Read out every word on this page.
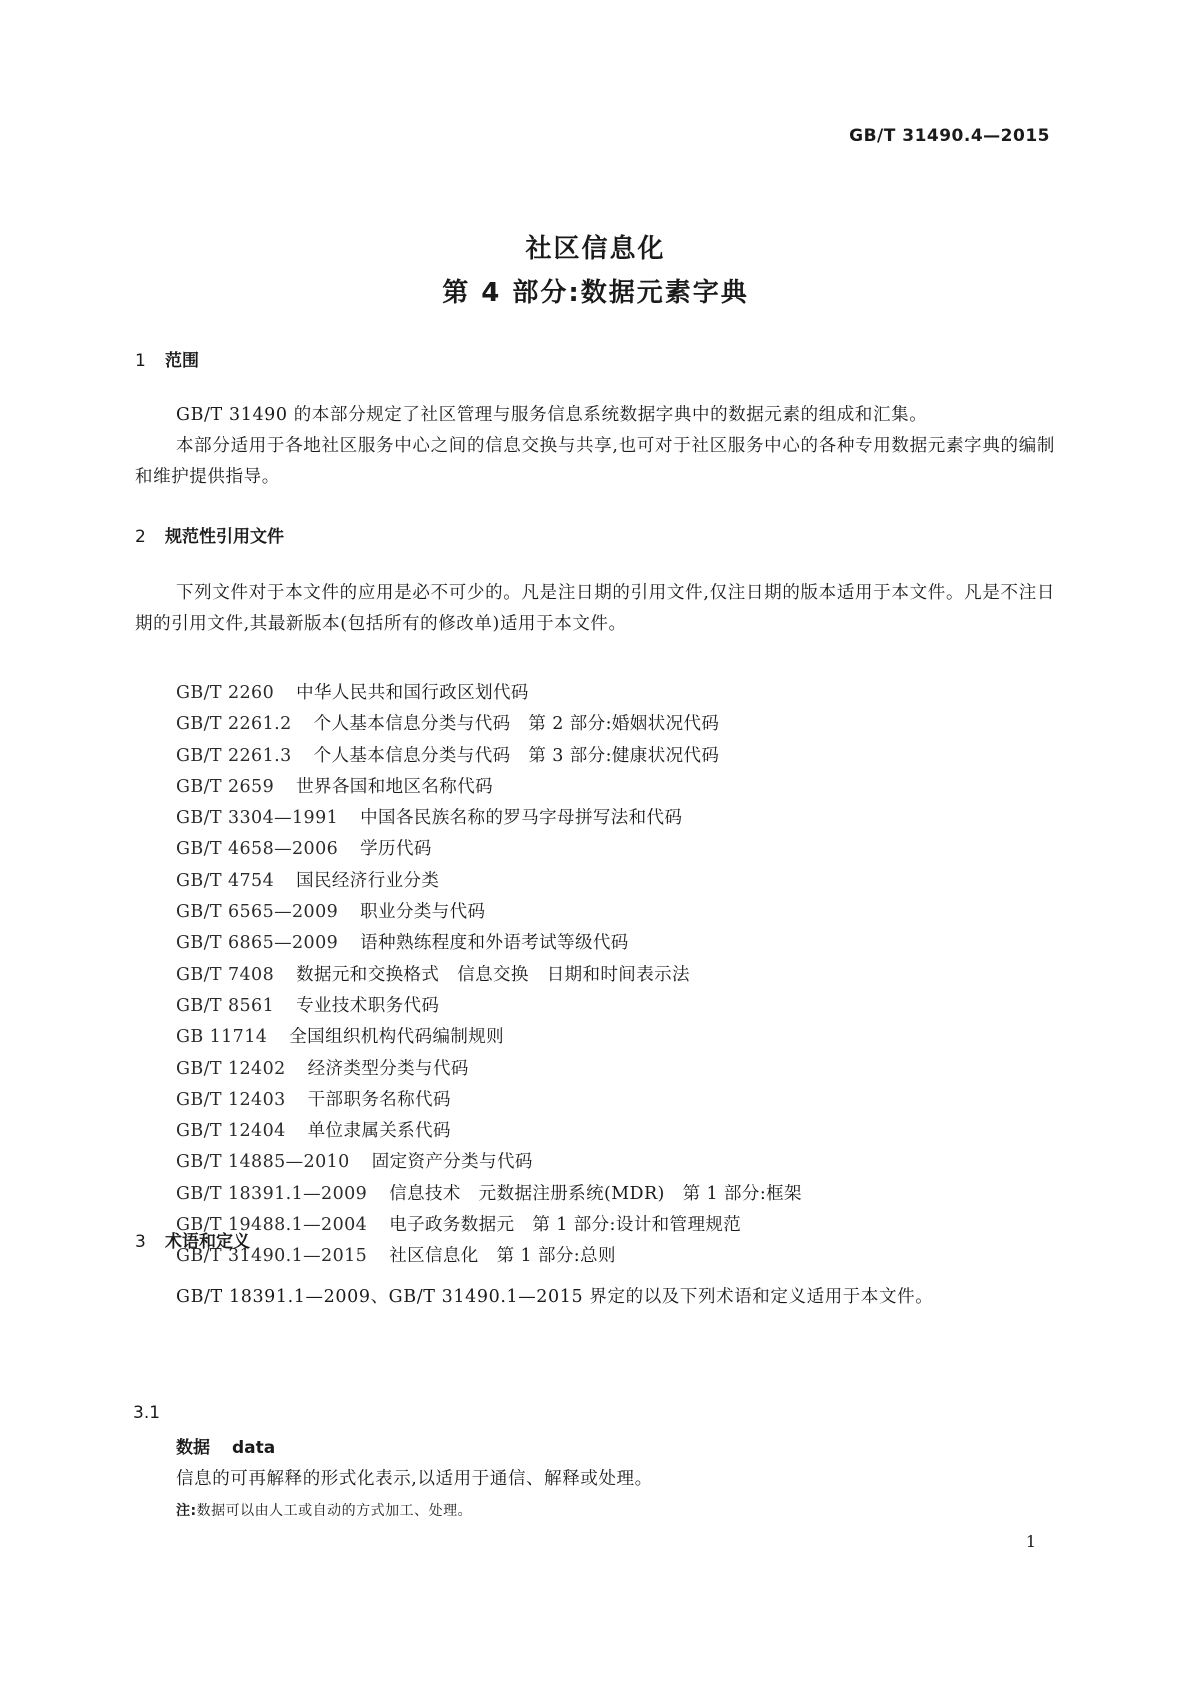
GB/T 31490.4—2015
社区信息化
第 4 部分:数据元素字典
1 范围
GB/T 31490 的本部分规定了社区管理与服务信息系统数据字典中的数据元素的组成和汇集。
本部分适用于各地社区服务中心之间的信息交换与共享,也可对于社区服务中心的各种专用数据元素字典的编制和维护提供指导。
2 规范性引用文件
下列文件对于本文件的应用是必不可少的。凡是注日期的引用文件,仅注日期的版本适用于本文件。凡是不注日期的引用文件,其最新版本(包括所有的修改单)适用于本文件。
GB/T 2260 中华人民共和国行政区划代码
GB/T 2261.2 个人基本信息分类与代码　第 2 部分:婚姻状况代码
GB/T 2261.3 个人基本信息分类与代码　第 3 部分:健康状况代码
GB/T 2659 世界各国和地区名称代码
GB/T 3304—1991 中国各民族名称的罗马字母拼写法和代码
GB/T 4658—2006 学历代码
GB/T 4754 国民经济行业分类
GB/T 6565—2009 职业分类与代码
GB/T 6865—2009 语种熟练程度和外语考试等级代码
GB/T 7408 数据元和交换格式　信息交换　日期和时间表示法
GB/T 8561 专业技术职务代码
GB 11714 全国组织机构代码编制规则
GB/T 12402 经济类型分类与代码
GB/T 12403 干部职务名称代码
GB/T 12404 单位隶属关系代码
GB/T 14885—2010 固定资产分类与代码
GB/T 18391.1—2009 信息技术　元数据注册系统(MDR)　第 1 部分:框架
GB/T 19488.1—2004 电子政务数据元　第 1 部分:设计和管理规范
GB/T 31490.1—2015 社区信息化　第 1 部分:总则
3 术语和定义
GB/T 18391.1—2009、GB/T 31490.1—2015 界定的以及下列术语和定义适用于本文件。
3.1
数据 data
信息的可再解释的形式化表示,以适用于通信、解释或处理。
注:数据可以由人工或自动的方式加工、处理。
1
